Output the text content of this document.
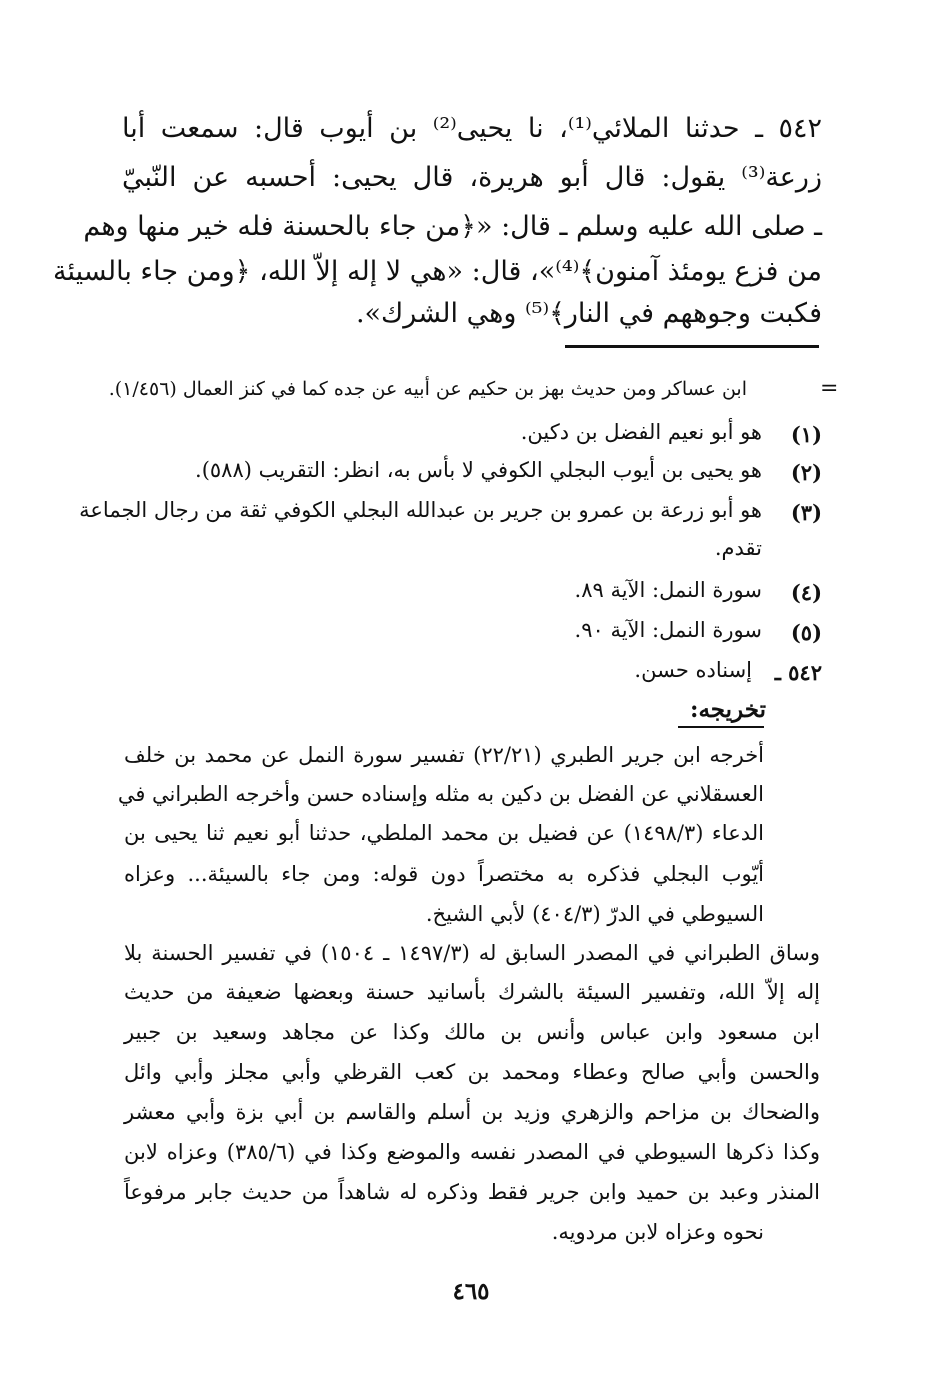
٥٤٢ ـ حدثنا الملائي⁽¹⁾، نا يحيى⁽²⁾ بن أيوب قال: سمعت أبا
زرعة⁽³⁾ يقول: قال أبو هريرة، قال يحيى: أحسبه عن النّبيّ
ـ صلى الله عليه وسلم ـ قال: «﴿من جاء بالحسنة فله خير منها وهم
من فزع يومئذ آمنون﴾⁽⁴⁾»، قال: «هي لا إله إلاّ الله، ﴿ومن جاء بالسيئة
فكبت وجوههم في النار﴾⁽⁵⁾ وهي الشرك».
=
ابن عساكر ومن حديث بهز بن حكيم عن أبيه عن جده كما في كنز العمال (١/٤٥٦).
(١)
هو أبو نعيم الفضل بن دكين.
(٢)
هو يحيى بن أيوب البجلي الكوفي لا بأس به، انظر: التقريب (٥٨٨).
(٣)
هو أبو زرعة بن عمرو بن جرير بن عبدالله البجلي الكوفي ثقة من رجال الجماعة
تقدم.
(٤)
سورة النمل: الآية ٨٩.
(٥)
سورة النمل: الآية ٩٠.
٥٤٢ ـ
إسناده حسن.
تخريجه:
أخرجه ابن جرير الطبري (٢٢/٢١) تفسير سورة النمل عن محمد بن خلف
العسقلاني عن الفضل بن دكين به مثله وإسناده حسن وأخرجه الطبراني في
الدعاء (١٤٩٨/٣) عن فضيل بن محمد الملطي، حدثنا أبو نعيم ثنا يحيى بن
أيّوب البجلي فذكره به مختصراً دون قوله: ومن جاء بالسيئة... وعزاه
السيوطي في الدرّ (٤٠٤/٣) لأبي الشيخ.
وساق الطبراني في المصدر السابق له (١٤٩٧/٣ ـ ١٥٠٤) في تفسير الحسنة بلا
إله إلاّ الله، وتفسير السيئة بالشرك بأسانيد حسنة وبعضها ضعيفة من حديث
ابن مسعود وابن عباس وأنس بن مالك وكذا عن مجاهد وسعيد بن جبير
والحسن وأبي صالح وعطاء ومحمد بن كعب القرظي وأبي مجلز وأبي وائل
والضحاك بن مزاحم والزهري وزيد بن أسلم والقاسم بن أبي بزة وأبي معشر
وكذا ذكرها السيوطي في المصدر نفسه والموضع وكذا في (٣٨٥/٦) وعزاه لابن
المنذر وعبد بن حميد وابن جرير فقط وذكره له شاهداً من حديث جابر مرفوعاً
نحوه وعزاه لابن مردويه.
٤٦٥
